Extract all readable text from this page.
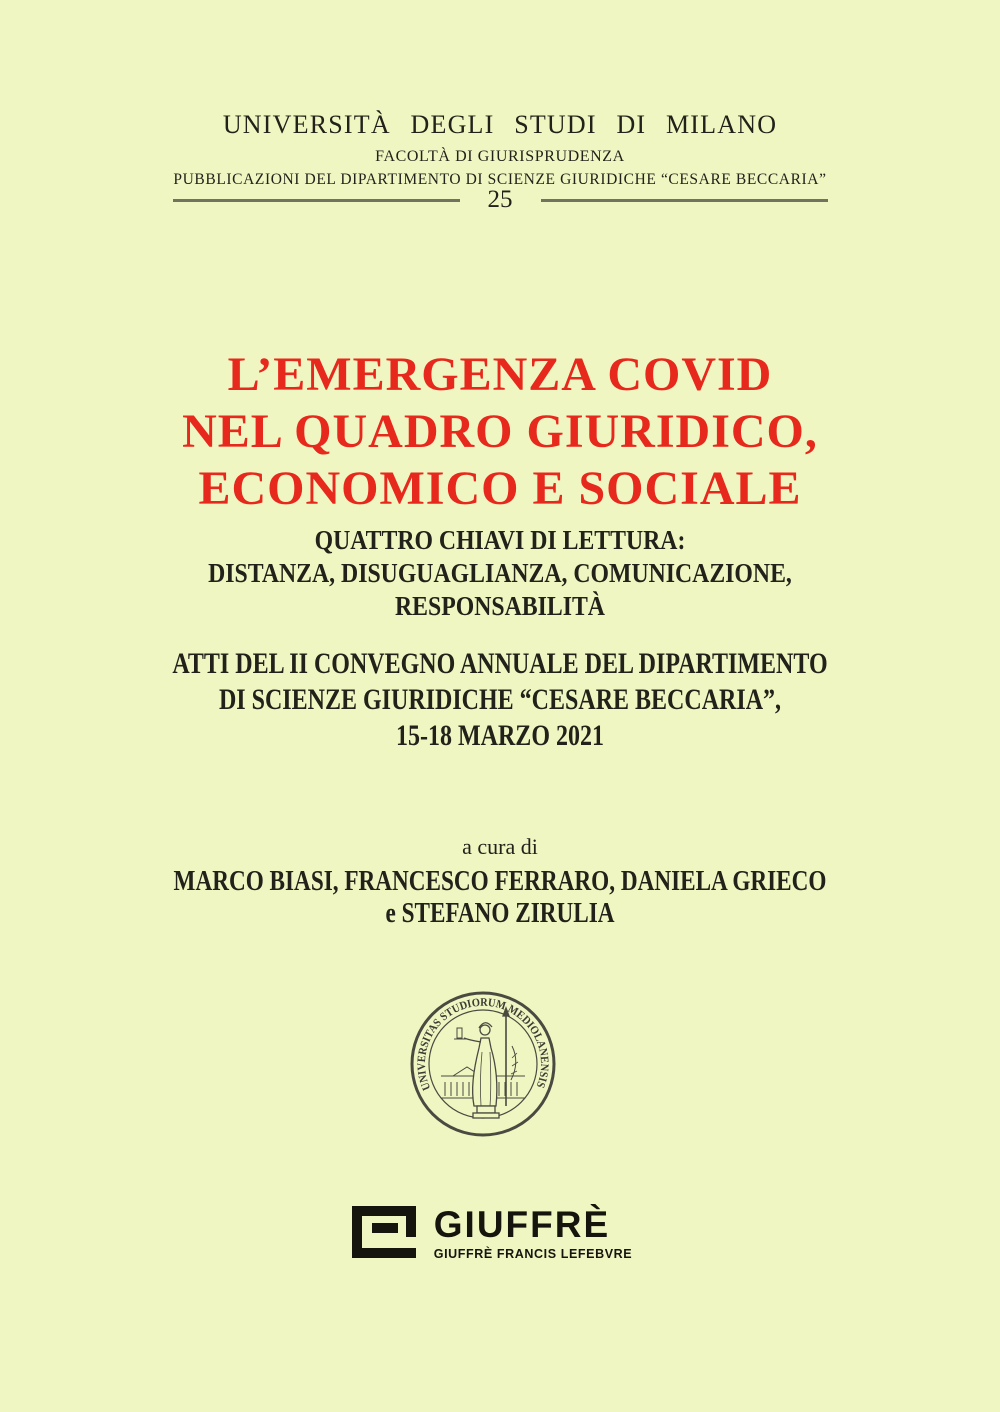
UNIVERSITÀ DEGLI STUDI DI MILANO
FACOLTÀ DI GIURISPRUDENZA
PUBBLICAZIONI DEL DIPARTIMENTO DI SCIENZE GIURIDICHE “CESARE BECCARIA”
25
L’EMERGENZA COVID
NEL QUADRO GIURIDICO,
ECONOMICO E SOCIALE
QUATTRO CHIAVI DI LETTURA:
DISTANZA, DISUGUAGLIANZA, COMUNICAZIONE,
RESPONSABILITÀ
ATTI DEL II CONVEGNO ANNUALE DEL DIPARTIMENTO
DI SCIENZE GIURIDICHE “CESARE BECCARIA”,
15-18 MARZO 2021
a cura di
MARCO BIASI, FRANCESCO FERRARO, DANIELA GRIECO
e STEFANO ZIRULIA
UNIVERSITAS STUDIORUM MEDIOLANENSIS
GIUFFRÈ
GIUFFRÈ FRANCIS LEFEBVRE
